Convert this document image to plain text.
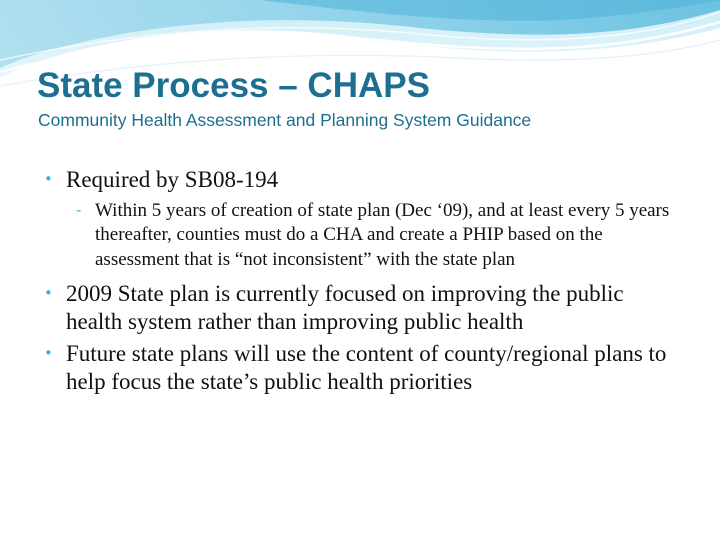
State Process – CHAPS
Community Health Assessment and Planning System Guidance
• Required by SB08-194
- Within 5 years of creation of state plan (Dec ‘09), and at least every 5 years thereafter, counties must do a CHA and create a PHIP based on the assessment that is “not inconsistent” with the state plan
• 2009 State plan is currently focused on improving the public health system rather than improving public health
• Future state plans will use the content of county/regional plans to help focus the state’s public health priorities
